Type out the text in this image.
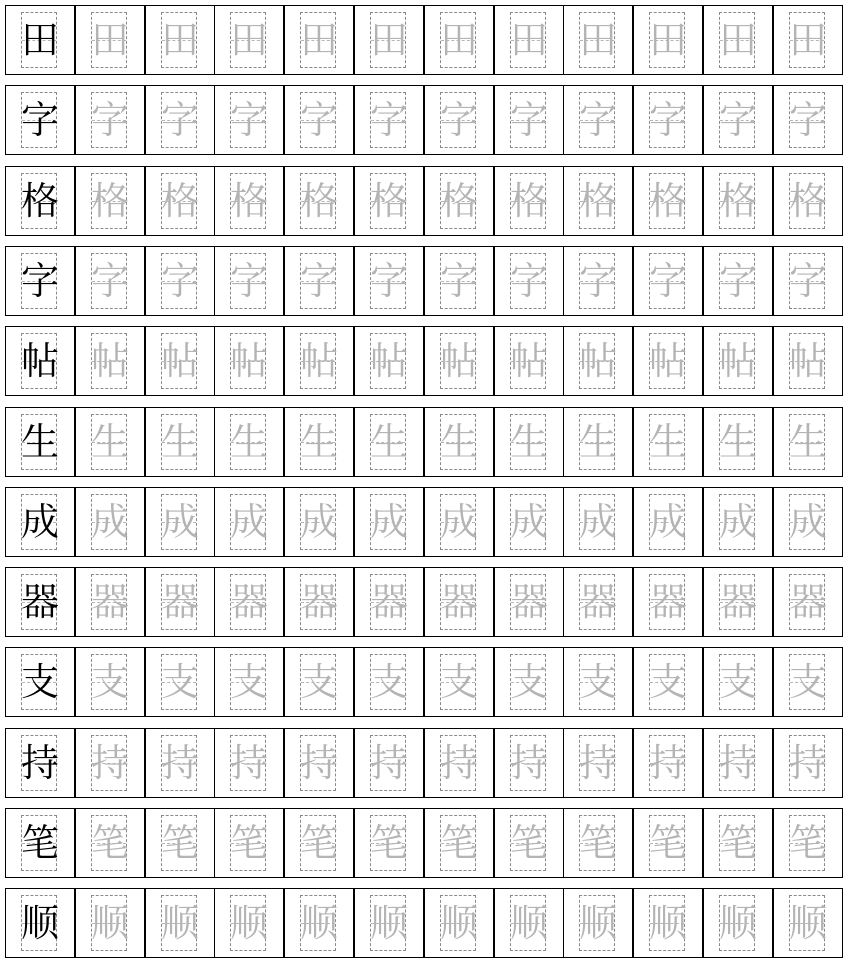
田 田 田 田 田 田 田 田 田 田 田 田
字 字 字 字 字 字 字 字 字 字 字 字
格 格 格 格 格 格 格 格 格 格 格 格
字 字 字 字 字 字 字 字 字 字 字 字
帖 帖 帖 帖 帖 帖 帖 帖 帖 帖 帖 帖
生 生 生 生 生 生 生 生 生 生 生 生
成 成 成 成 成 成 成 成 成 成 成 成
器 器 器 器 器 器 器 器 器 器 器 器
支 支 支 支 支 支 支 支 支 支 支 支
持 持 持 持 持 持 持 持 持 持 持 持
笔 笔 笔 笔 笔 笔 笔 笔 笔 笔 笔 笔
顺 顺 顺 顺 顺 顺 顺 顺 顺 顺 顺 顺
